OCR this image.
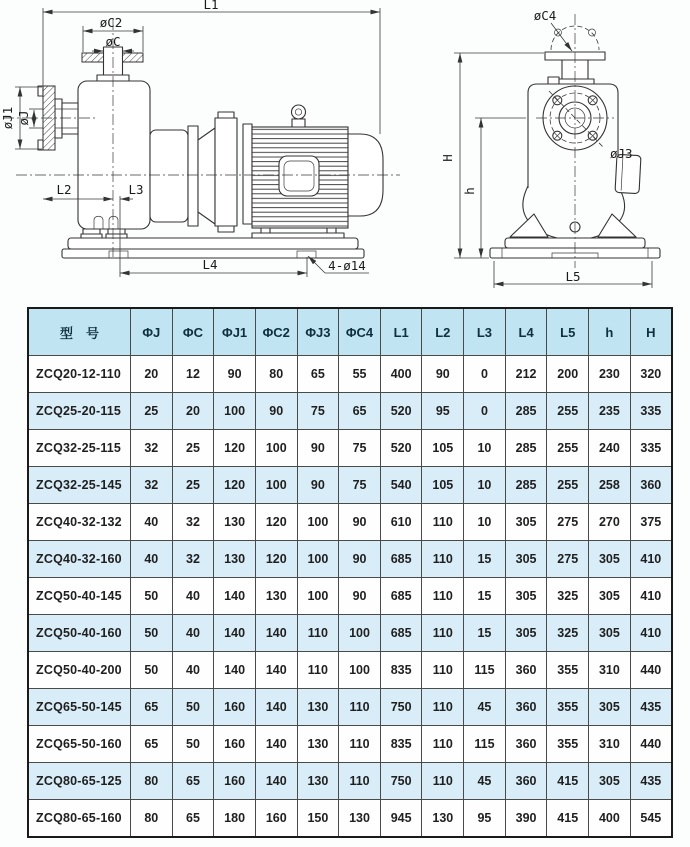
L1
øC2
øC
øJ1 øJ
L2	L3
L4	4-ø14
øC4
øJ3
H
h
L5
型　号	ΦJ	ΦC	ΦJ1	ΦC2	ΦJ3	ΦC4	L1	L2	L3	L4	L5	h	H
ZCQ20-12-110	20	12	90	80	65	55	400	90	0	212	200	230	320
ZCQ25-20-115	25	20	100	90	75	65	520	95	0	285	255	235	335
ZCQ32-25-115	32	25	120	100	90	75	520	105	10	285	255	240	335
ZCQ32-25-145	32	25	120	100	90	75	540	105	10	285	255	258	360
ZCQ40-32-132	40	32	130	120	100	90	610	110	10	305	275	270	375
ZCQ40-32-160	40	32	130	120	100	90	685	110	15	305	275	305	410
ZCQ50-40-145	50	40	140	130	100	90	685	110	15	305	325	305	410
ZCQ50-40-160	50	40	140	140	110	100	685	110	15	305	325	305	410
ZCQ50-40-200	50	40	140	140	110	100	835	110	115	360	355	310	440
ZCQ65-50-145	65	50	160	140	130	110	750	110	45	360	355	305	435
ZCQ65-50-160	65	50	160	140	130	110	835	110	115	360	355	310	440
ZCQ80-65-125	80	65	160	140	130	110	750	110	45	360	415	305	435
ZCQ80-65-160	80	65	180	160	150	130	945	130	95	390	415	400	545
